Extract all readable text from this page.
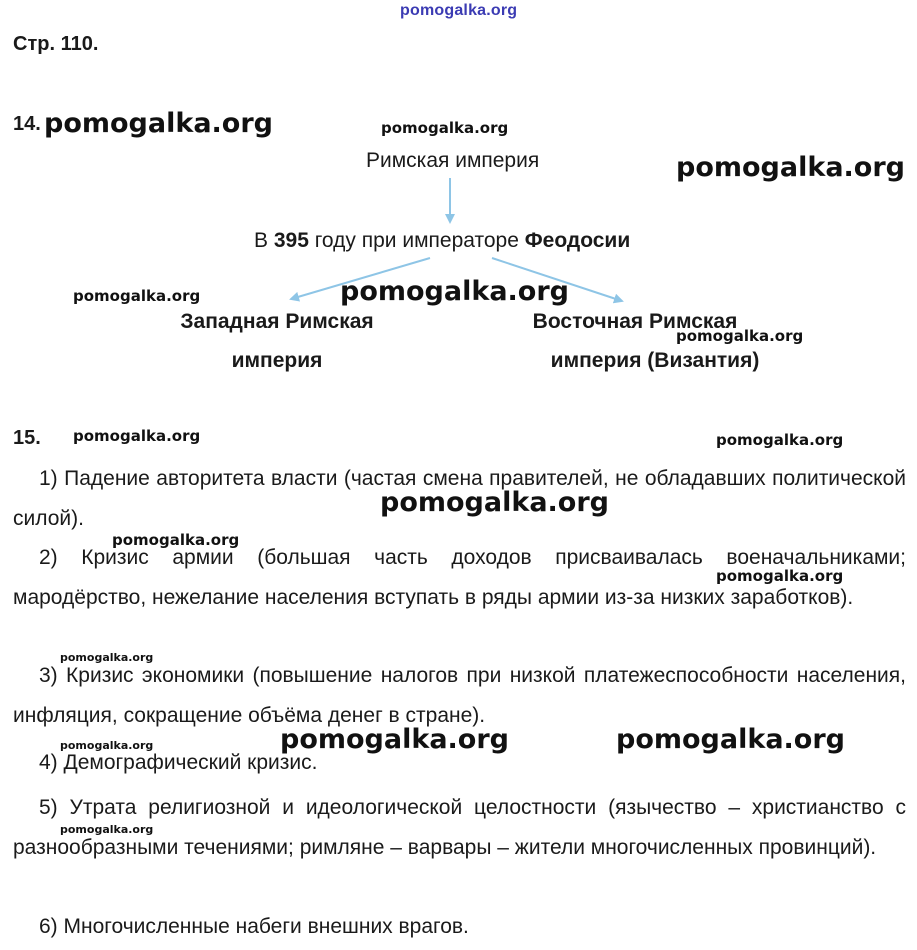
pomogalka.org
Стр. 110.
14. pomogalka.org	pomogalka.org
pomogalka.org
Римская империя
В 395 году при императоре Феодосии
pomogalka.org	pomogalka.org
Западная Римская
империя
Восточная Римская
империя (Византия)
pomogalka.org
15. pomogalka.org	pomogalka.org

1) Падение авторитета власти (частая смена правителей, не обладавших политической силой).

pomogalka.org
pomogalka.org

2) Кризис армии (большая часть доходов присваивалась военачальниками; мародёрство, нежелание населения вступать в ряды армии из-за низких заработков).

pomogalka.org
pomogalka.org

3) Кризис экономики (повышение налогов при низкой платежеспособности населения, инфляция, сокращение объёма денег в стране).

pomogalka.org	pomogalka.org	pomogalka.org

4) Демографический кризис.

5) Утрата религиозной и идеологической целостности (язычество – христианство с разнообразными течениями; римляне – варвары – жители многочисленных провинций).

pomogalka.org

6) Многочисленные набеги внешних врагов.
